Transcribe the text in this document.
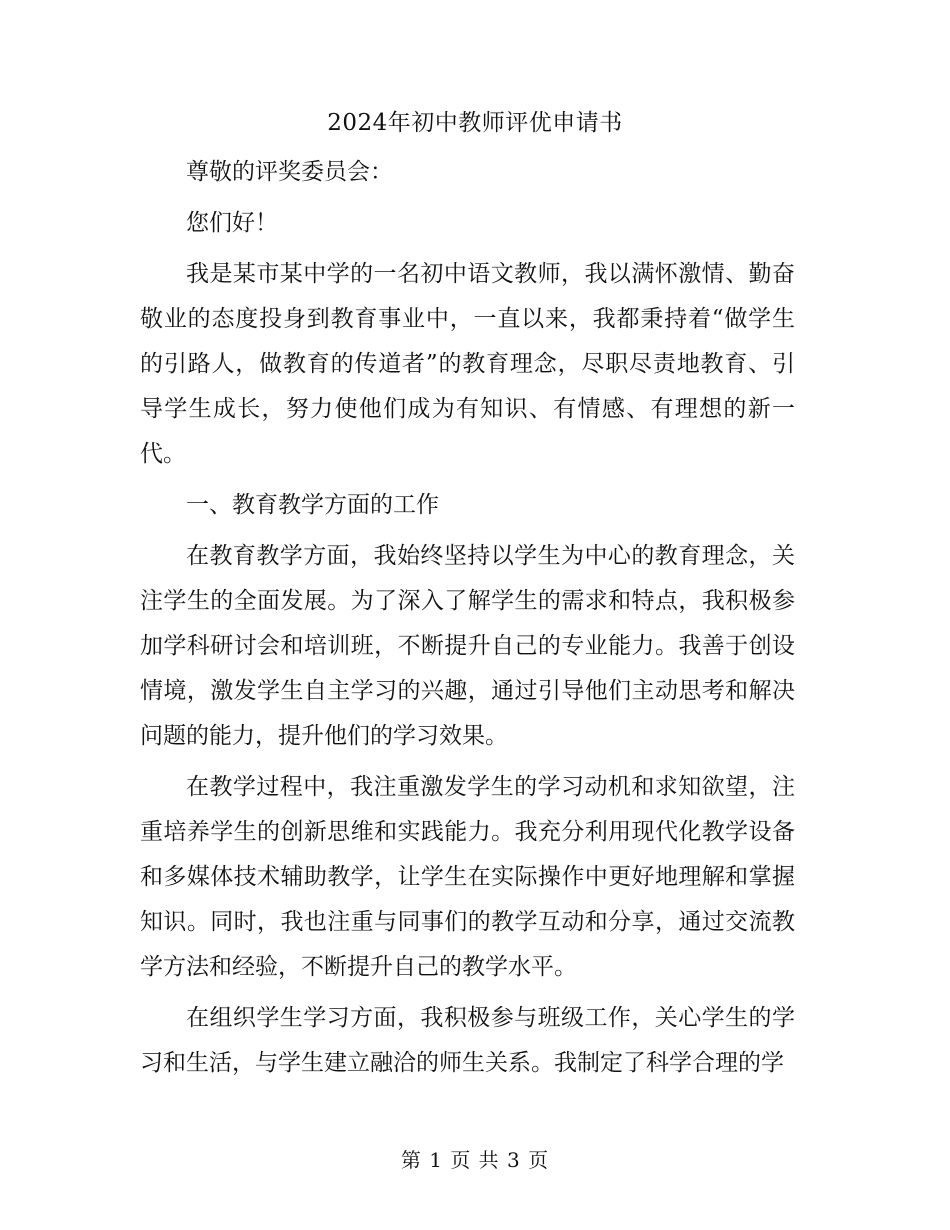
2024年初中教师评优申请书

尊敬的评奖委员会：

您们好！

我是某市某中学的一名初中语文教师，我以满怀激情、勤奋敬业的态度投身到教育事业中，一直以来，我都秉持着“做学生的引路人，做教育的传道者”的教育理念，尽职尽责地教育、引导学生成长，努力使他们成为有知识、有情感、有理想的新一代。

一、教育教学方面的工作

在教育教学方面，我始终坚持以学生为中心的教育理念，关注学生的全面发展。为了深入了解学生的需求和特点，我积极参加学科研讨会和培训班，不断提升自己的专业能力。我善于创设情境，激发学生自主学习的兴趣，通过引导他们主动思考和解决问题的能力，提升他们的学习效果。

在教学过程中，我注重激发学生的学习动机和求知欲望，注重培养学生的创新思维和实践能力。我充分利用现代化教学设备和多媒体技术辅助教学，让学生在实际操作中更好地理解和掌握知识。同时，我也注重与同事们的教学互动和分享，通过交流教学方法和经验，不断提升自己的教学水平。

在组织学生学习方面，我积极参与班级工作，关心学生的学习和生活，与学生建立融洽的师生关系。我制定了科学合理的学

第 1 页 共 3 页
